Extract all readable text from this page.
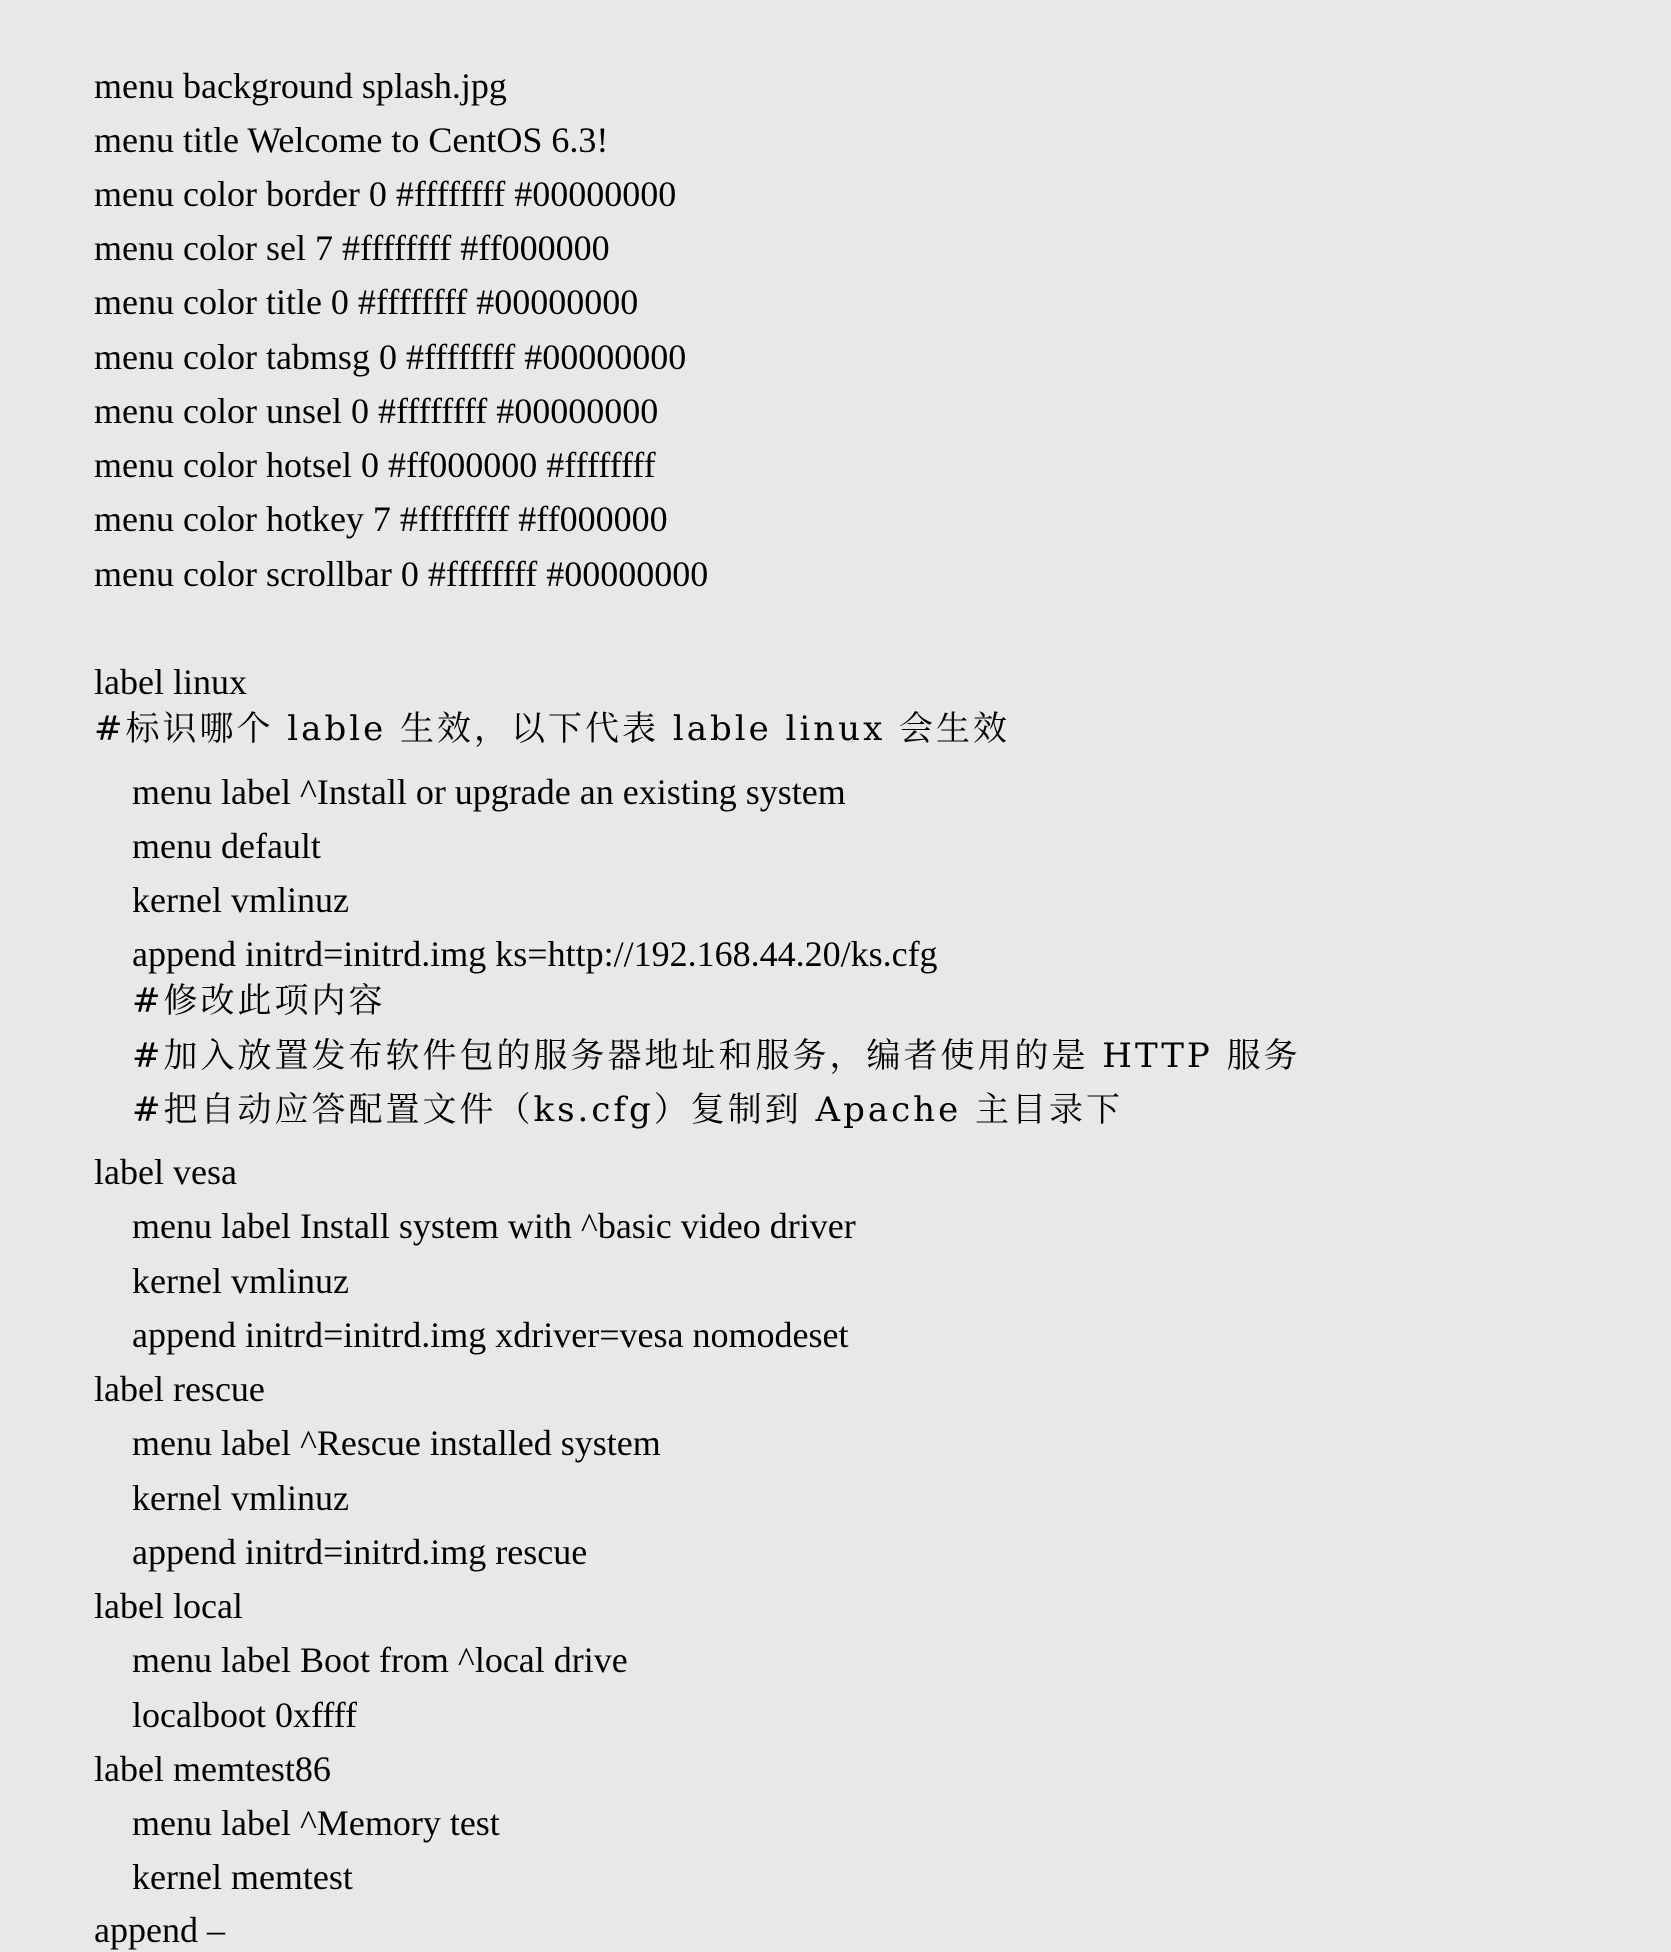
menu background splash.jpg
menu title Welcome to CentOS 6.3!
menu color border 0 #ffffffff #00000000
menu color sel 7 #ffffffff #ff000000
menu color title 0 #ffffffff #00000000
menu color tabmsg 0 #ffffffff #00000000
menu color unsel 0 #ffffffff #00000000
menu color hotsel 0 #ff000000 #ffffffff
menu color hotkey 7 #ffffffff #ff000000
menu color scrollbar 0 #ffffffff #00000000
label linux
#标识哪个 lable 生效，以下代表 lable linux 会生效
menu label ^Install or upgrade an existing system
menu default
kernel vmlinuz
append initrd=initrd.img ks=http://192.168.44.20/ks.cfg
#修改此项内容
#加入放置发布软件包的服务器地址和服务，编者使用的是 HTTP 服务
#把自动应答配置文件（ks.cfg）复制到 Apache 主目录下
label vesa
menu label Install system with ^basic video driver
kernel vmlinuz
append initrd=initrd.img xdriver=vesa nomodeset
label rescue
menu label ^Rescue installed system
kernel vmlinuz
append initrd=initrd.img rescue
label local
menu label Boot from ^local drive
localboot 0xffff
label memtest86
menu label ^Memory test
kernel memtest
append –
